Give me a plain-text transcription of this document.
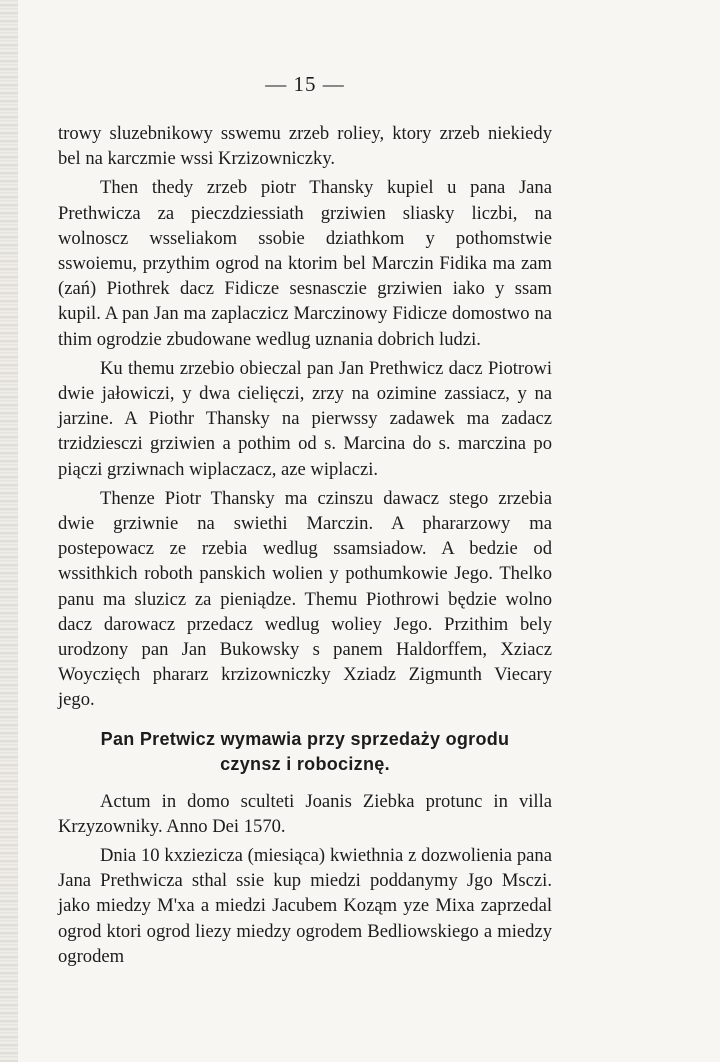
— 15 —

trowy sluzebnikowy sswemu zrzeb roliey, ktory zrzeb niekiedy bel na karczmie wssi Krzizowniczky.

Then thedy zrzeb piotr Thansky kupiel u pana Jana Prethwicza za pieczdziessiath grziwien sliasky liczbi, na wolnoscz wsseliakom ssobie dziathkom y pothomstwie sswoiemu, przythim ogrod na ktorim bel Marczin Fidika ma zam (zań) Piothrek dacz Fidicze sesnasczie grziwien iako y ssam kupil. A pan Jan ma zaplaczicz Marczinowy Fidicze domostwo na thim ogrodzie zbudowane wedlug uznania dobrich ludzi.

Ku themu zrzebio obieczal pan Jan Prethwicz dacz Piotrowi dwie jałowiczi, y dwa cielięczi, zrzy na ozimine zassiacz, y na jarzine. A Piothr Thansky na pierwssy zadawek ma zadacz trzidziesczi grziwien a pothim od s. Marcina do s. marczina po piączi grziwnach wiplaczacz, aze wiplaczi.

Thenze Piotr Thansky ma czinszu dawacz stego zrzebia dwie grziwnie na swiethi Marczin. A phararzowy ma postepowacz ze rzebia wedlug ssamsiadow. A bedzie od wssithkich roboth panskich wolien y pothumkowie Jego. Thelko panu ma sluzicz za pieniądze. Themu Piothrowi będzie wolno dacz darowacz przedacz wedlug woliey Jego. Przithim bely urodzony pan Jan Bukowsky s panem Haldorffem, Xziacz Woyczięch phararz krzizowniczky Xziadz Zigmunth Viecary jego.

Pan Pretwicz wymawia przy sprzedaży ogrodu
czynsz i robociznę.

Actum in domo sculteti Joanis Ziebka protunc in villa Krzyzowniky. Anno Dei 1570.

Dnia 10 kxziezicza (miesiąca) kwiethnia z dozwolienia pana Jana Prethwicza sthal ssie kup miedzi poddanymy Jgo Msczi. jako miedzy M'xa a miedzi Jacubem Koząm yze Mixa zaprzedal ogrod ktori ogrod liezy miedzy ogrodem Bedliowskiego a miedzy ogrodem
